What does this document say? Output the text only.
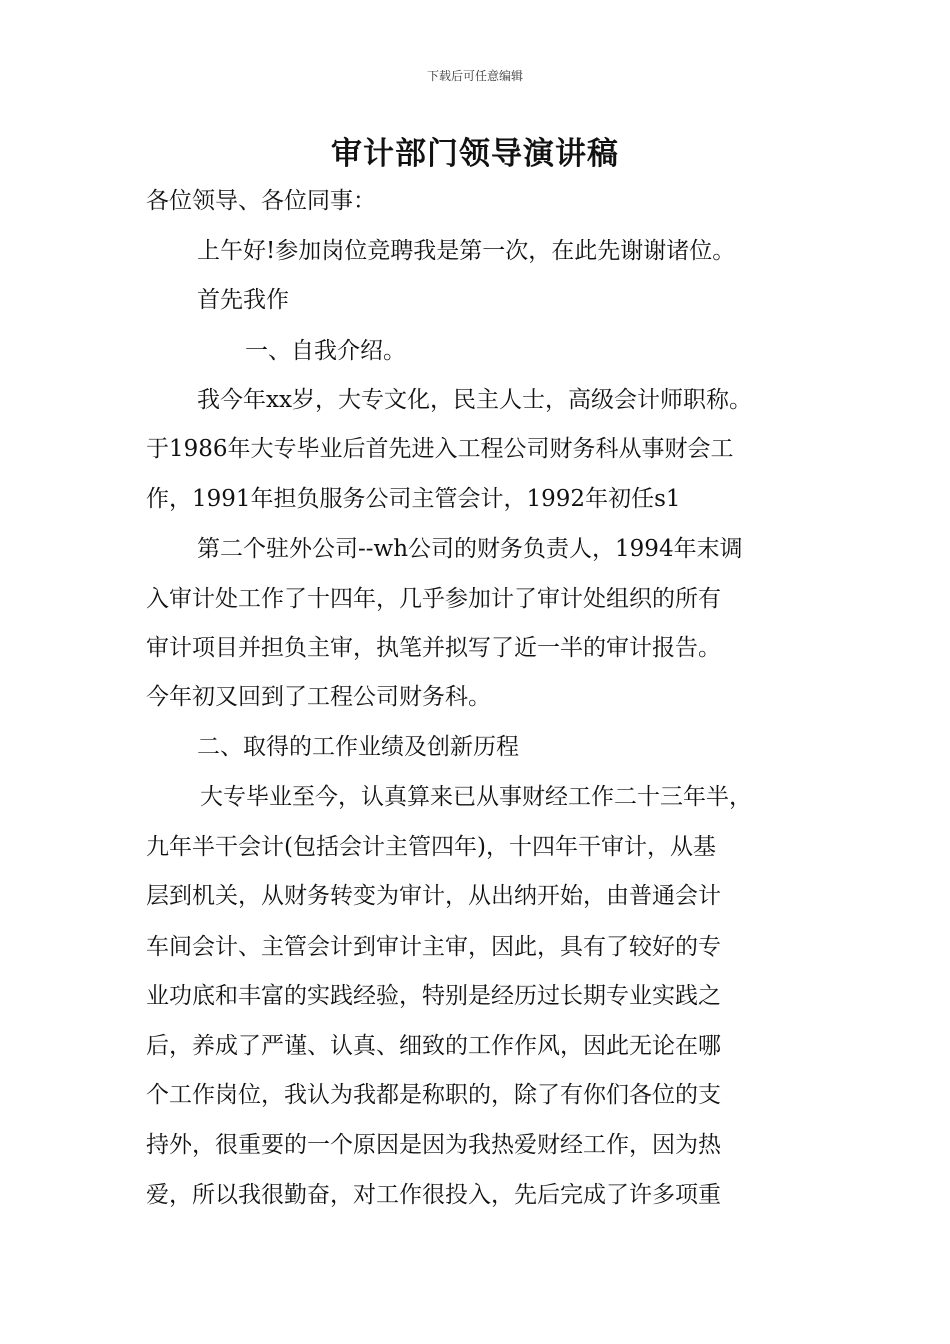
下载后可任意编辑
审计部门领导演讲稿
各位领导、各位同事：
上午好!参加岗位竞聘我是第一次，在此先谢谢诸位。
首先我作
一、自我介绍。
我今年xx岁，大专文化，民主人士，高级会计师职称。
于1986年大专毕业后首先进入工程公司财务科从事财会工
作，1991年担负服务公司主管会计，1992年初任s1
第二个驻外公司--wh公司的财务负责人，1994年末调
入审计处工作了十四年，几乎参加计了审计处组织的所有
审计项目并担负主审，执笔并拟写了近一半的审计报告。
今年初又回到了工程公司财务科。
二、取得的工作业绩及创新历程
大专毕业至今，认真算来已从事财经工作二十三年半，
九年半干会计(包括会计主管四年)，十四年干审计，从基
层到机关，从财务转变为审计，从出纳开始，由普通会计
车间会计、主管会计到审计主审，因此，具有了较好的专
业功底和丰富的实践经验，特别是经历过长期专业实践之
后，养成了严谨、认真、细致的工作作风，因此无论在哪
个工作岗位，我认为我都是称职的，除了有你们各位的支
持外，很重要的一个原因是因为我热爱财经工作，因为热
爱，所以我很勤奋，对工作很投入，先后完成了许多项重
